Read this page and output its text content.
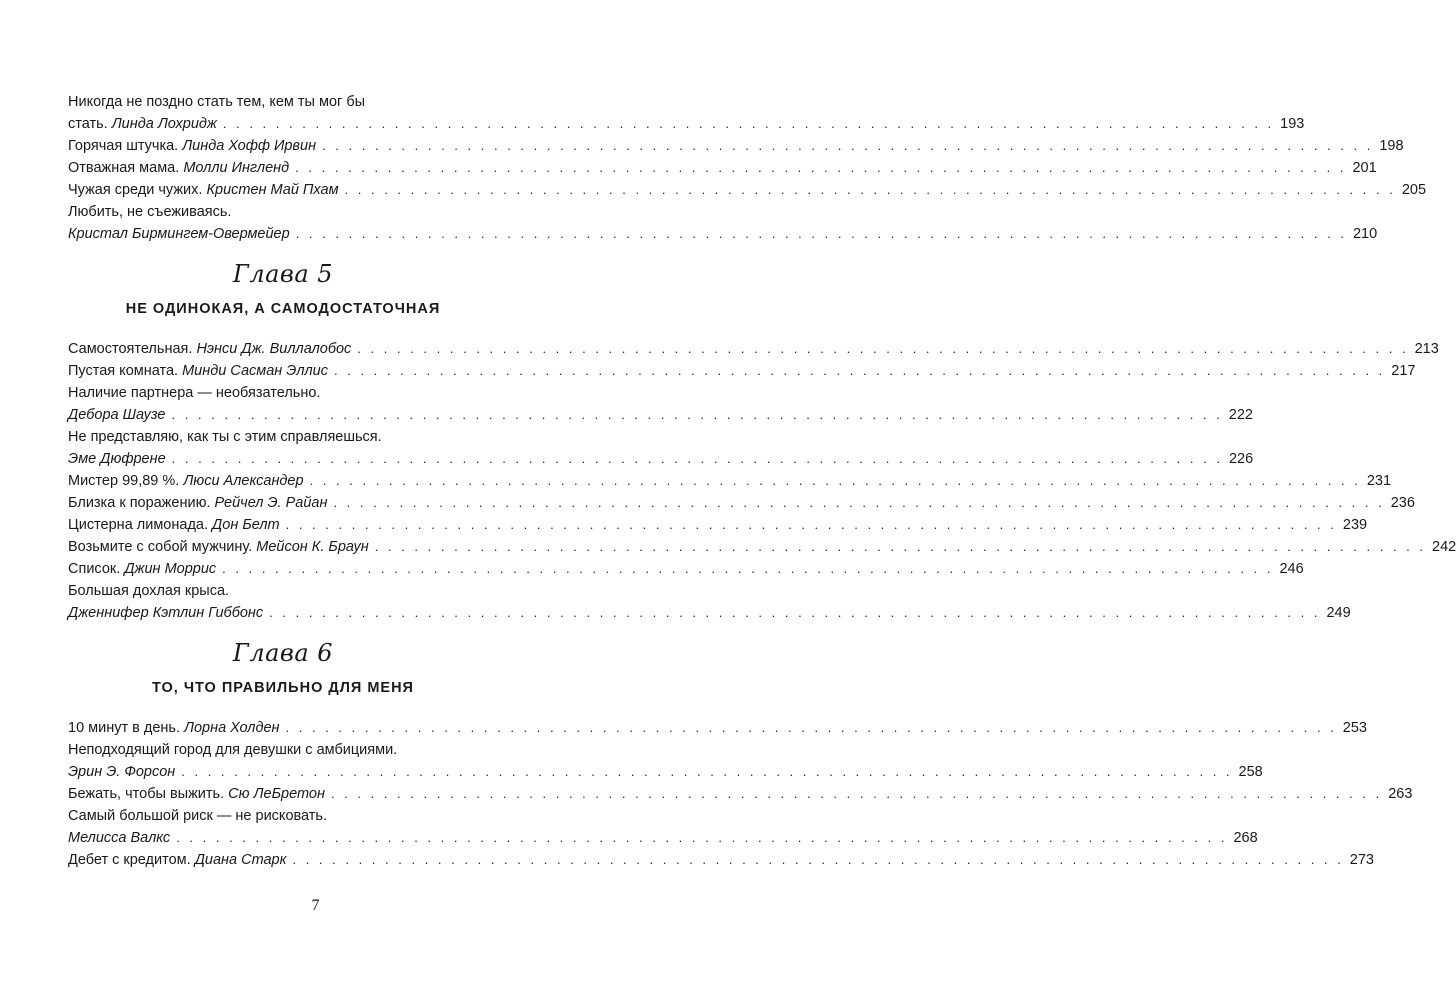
Никогда не поздно стать тем, кем ты мог бы
стать.
Линда Лохридж . . . . . . . . . . . . . . . . . . . . . . . . . . . . . . . . . . . . . . . . . . . . . . . . . . . . . . . . . . . . . . . . . . . . . . . . . . . . . . . . 193
Горячая штучка.
Линда Хофф Ирвин . . . . . . . . . . . . . . . . . . . . . . . . . . . . . . . . . . . . . . . . . . . . . . . . . . . . . . . . . . . . . . . . . . . . . . . . . . . . . . . . 198
Отважная мама.
Молли Ингленд . . . . . . . . . . . . . . . . . . . . . . . . . . . . . . . . . . . . . . . . . . . . . . . . . . . . . . . . . . . . . . . . . . . . . . . . . . . . . . . . 201
Чужая среди чужих.
Кристен Май Пхам . . . . . . . . . . . . . . . . . . . . . . . . . . . . . . . . . . . . . . . . . . . . . . . . . . . . . . . . . . . . . . . . . . . . . . . . . . . . . . . . 205
Любить, не съеживаясь.
Кристал Бирмингем-Овермейер . . . . . . . . . . . . . . . . . . . . . . . . . . . . . . . . . . . . . . . . . . . . . . . . . . . . . . . . . . . . . . . . . . . . . . . . . . . . . . . . 210
Глава 5
НЕ ОДИНОКАЯ, А САМОДОСТАТОЧНАЯ
Самостоятельная.
Нэнси Дж. Виллалобос . . . . . . . . . . . . . . . . . . . . . . . . . . . . . . . . . . . . . . . . . . . . . . . . . . . . . . . . . . . . . . . . . . . . . . . . . . . . . . . . 213
Пустая комната.
Минди Сасман Эллис . . . . . . . . . . . . . . . . . . . . . . . . . . . . . . . . . . . . . . . . . . . . . . . . . . . . . . . . . . . . . . . . . . . . . . . . . . . . . . . . 217
Наличие партнера — необязательно.
Дебора Шаузе . . . . . . . . . . . . . . . . . . . . . . . . . . . . . . . . . . . . . . . . . . . . . . . . . . . . . . . . . . . . . . . . . . . . . . . . . . . . . . . . 222
Не представляю, как ты с этим справляешься.
Эме Дюфрене . . . . . . . . . . . . . . . . . . . . . . . . . . . . . . . . . . . . . . . . . . . . . . . . . . . . . . . . . . . . . . . . . . . . . . . . . . . . . . . . 226
Мистер 99,89 %.
Люси Александер . . . . . . . . . . . . . . . . . . . . . . . . . . . . . . . . . . . . . . . . . . . . . . . . . . . . . . . . . . . . . . . . . . . . . . . . . . . . . . . . 231
Близка к поражению.
Рейчел Э. Райан . . . . . . . . . . . . . . . . . . . . . . . . . . . . . . . . . . . . . . . . . . . . . . . . . . . . . . . . . . . . . . . . . . . . . . . . . . . . . . . . 236
Цистерна лимонада.
Дон Белт . . . . . . . . . . . . . . . . . . . . . . . . . . . . . . . . . . . . . . . . . . . . . . . . . . . . . . . . . . . . . . . . . . . . . . . . . . . . . . . . 239
Возьмите с собой мужчину.
Мейсон К. Браун . . . . . . . . . . . . . . . . . . . . . . . . . . . . . . . . . . . . . . . . . . . . . . . . . . . . . . . . . . . . . . . . . . . . . . . . . . . . . . . . 242
Список.
Джин Моррис . . . . . . . . . . . . . . . . . . . . . . . . . . . . . . . . . . . . . . . . . . . . . . . . . . . . . . . . . . . . . . . . . . . . . . . . . . . . . . . . 246
Большая дохлая крыса.
Дженнифер Кэтлин Гиббонс . . . . . . . . . . . . . . . . . . . . . . . . . . . . . . . . . . . . . . . . . . . . . . . . . . . . . . . . . . . . . . . . . . . . . . . . . . . . . . . . 249
Глава 6
ТО, ЧТО ПРАВИЛЬНО ДЛЯ МЕНЯ
10 минут в день.
Лорна Холден . . . . . . . . . . . . . . . . . . . . . . . . . . . . . . . . . . . . . . . . . . . . . . . . . . . . . . . . . . . . . . . . . . . . . . . . . . . . . . . . 253
Неподходящий город для девушки с амбициями.
Эрин Э. Форсон . . . . . . . . . . . . . . . . . . . . . . . . . . . . . . . . . . . . . . . . . . . . . . . . . . . . . . . . . . . . . . . . . . . . . . . . . . . . . . . . 258
Бежать, чтобы выжить.
Сю ЛеБретон . . . . . . . . . . . . . . . . . . . . . . . . . . . . . . . . . . . . . . . . . . . . . . . . . . . . . . . . . . . . . . . . . . . . . . . . . . . . . . . . 263
Самый большой риск — не рисковать.
Мелисса Валкс . . . . . . . . . . . . . . . . . . . . . . . . . . . . . . . . . . . . . . . . . . . . . . . . . . . . . . . . . . . . . . . . . . . . . . . . . . . . . . . . 268
Дебет с кредитом.
Диана Старк . . . . . . . . . . . . . . . . . . . . . . . . . . . . . . . . . . . . . . . . . . . . . . . . . . . . . . . . . . . . . . . . . . . . . . . . . . . . . . . . 273
7
